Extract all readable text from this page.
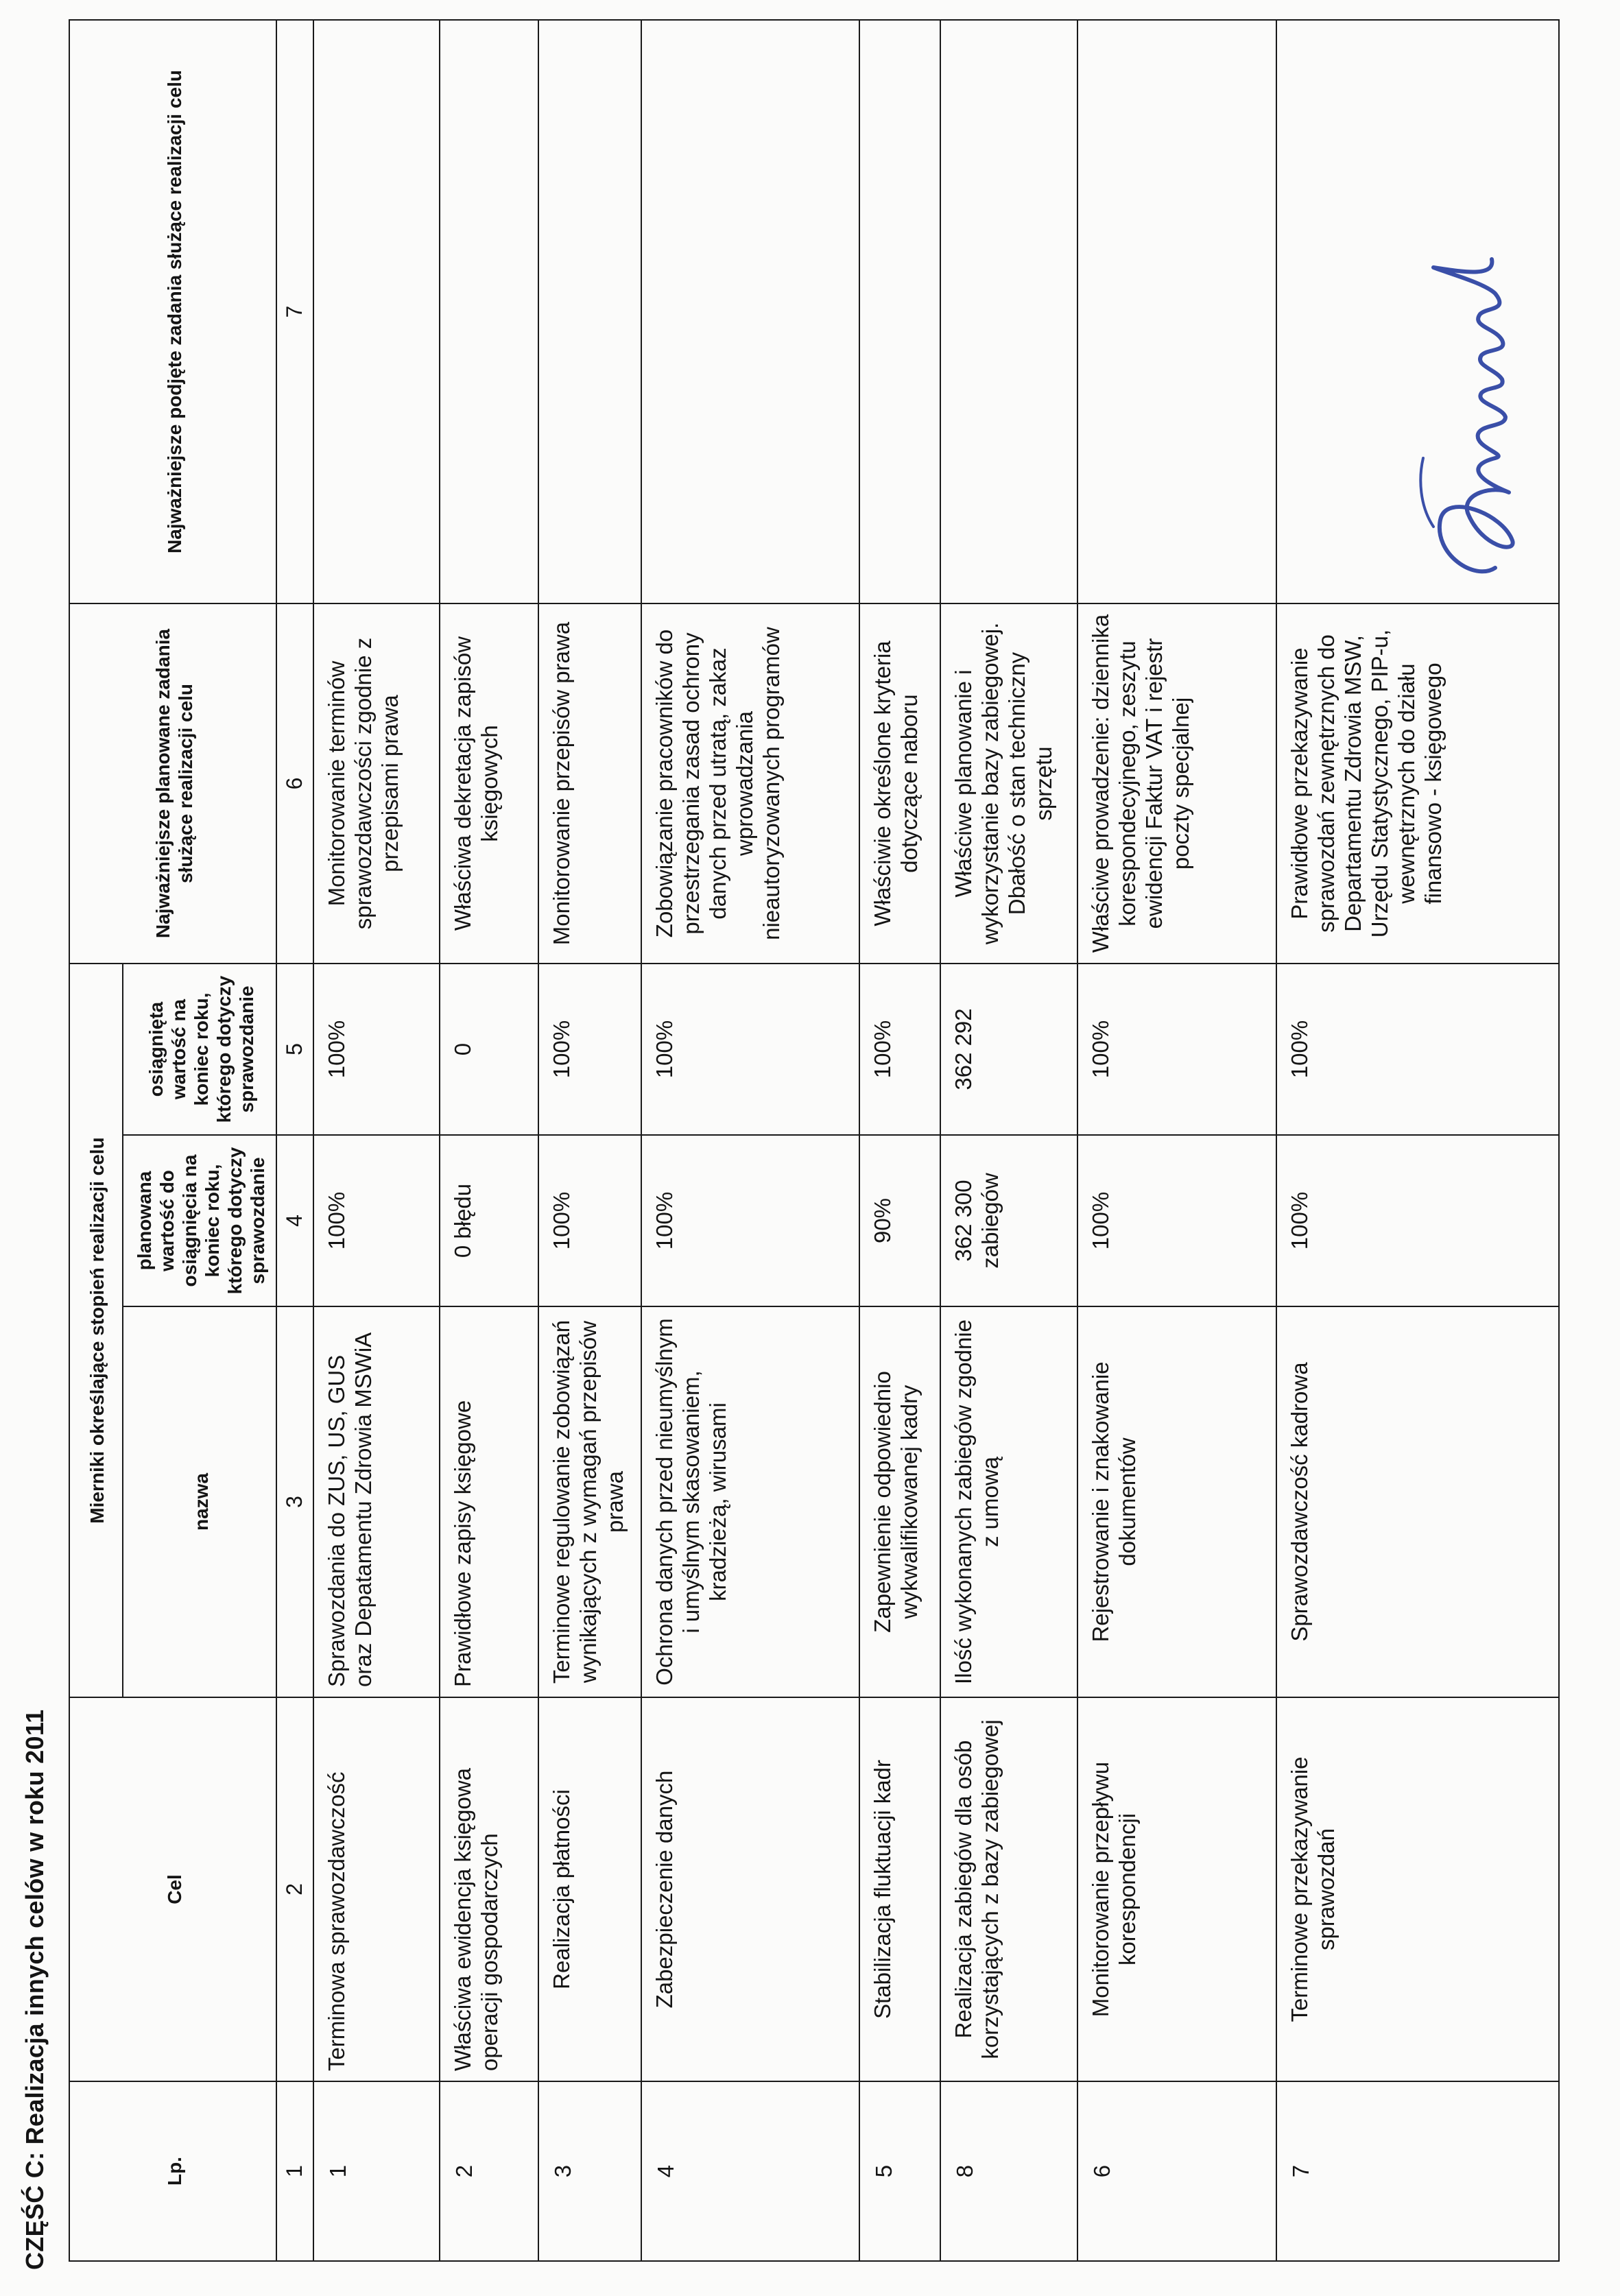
CZĘŚĆ C: Realizacja innych celów w roku 2011	Lp.	Cel	Mierniki określające stopień realizacji celu			Najważniejsze planowane zadania służące realizacji celu	Najważniejsze podjęte zadania służące realizacji celu
		nazwa	planowana wartość do osiągnięcia na koniec roku, którego dotyczy sprawozdanie	osiągnięta wartość na koniec roku, którego dotyczy sprawozdanie		
1	2	3	4	5	6	7
1	Terminowa sprawozdawczość	Sprawozdania do ZUS, US, GUS oraz Depatamentu Zdrowia MSWiA	100%	100%	Monitorowanie terminów sprawozdawczości zgodnie z przepisami prawa	
2	Właściwa ewidencja księgowa operacji gospodarczych	Prawidłowe zapisy księgowe	0 błędu	0	Właściwa dekretacja zapisów księgowych	
3	Realizacja płatności	Terminowe regulowanie zobowiązań wynikających z wymagań przepisów prawa	100%	100%	Monitorowanie przepisów prawa	
4	Zabezpieczenie danych	Ochrona danych przed nieumyślnym i umyślnym skasowaniem, kradzieżą, wirusami	100%	100%	Zobowiązanie pracowników do przestrzegania zasad ochrony danych przed utratą, zakaz wprowadzania nieautoryzowanych programów	
5	Stabilizacja fluktuacji kadr	Zapewnienie odpowiednio wykwalifikowanej kadry	90%	100%	Właściwie określone kryteria dotyczące naboru	
8	Realizacja zabiegów dla osób korzystających z bazy zabiegowej	Ilość wykonanych zabiegów zgodnie z umową	362 300 zabiegów	362 292	Właściwe planowanie i wykorzystanie bazy zabiegowej. Dbałość o stan techniczny sprzętu	
6	Monitorowanie przepływu korespondencji	Rejestrowanie i znakowanie dokumentów	100%	100%	Właściwe prowadzenie: dziennika korespondecyjnego, zeszytu ewidencji Faktur VAT i rejestr poczty specjalnej	
7	Terminowe przekazywanie sprawozdań	Sprawozdawczość kadrowa	100%	100%	Prawidłowe przekazywanie sprawozdań zewnętrznych do Departamentu Zdrowia MSW, Urzędu Statystycznego, PIP-u, wewnętrznych do działu finansowo - księgowego	
